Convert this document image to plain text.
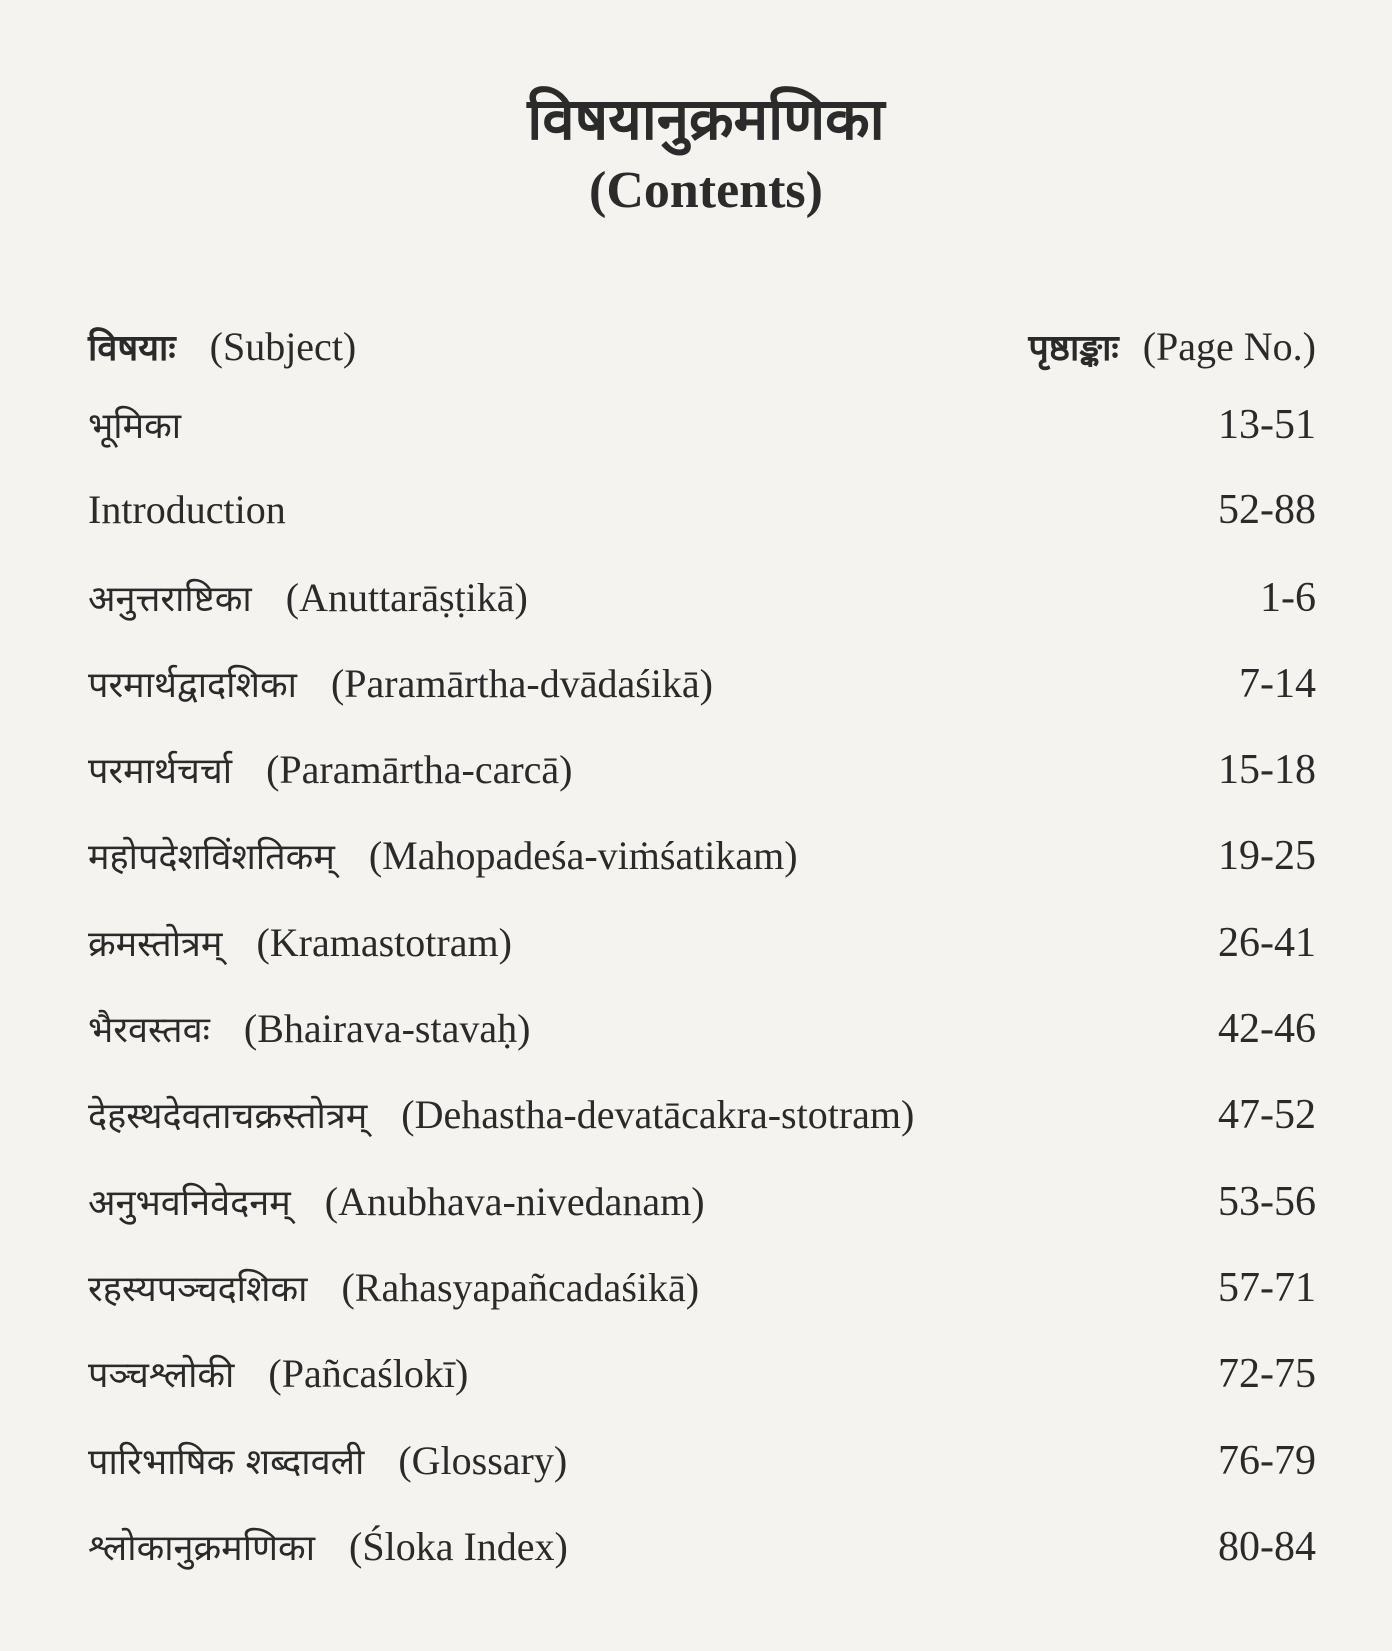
विषयानुक्रमणिका
(Contents)
विषयाः (Subject)	पृष्ठाङ्काः (Page No.)
भूमिका	13-51
Introduction	52-88
अनुत्तराष्टिका (Anuttarāṣṭikā)	1-6
परमार्थद्वादशिका (Paramārtha-dvādaśikā)	7-14
परमार्थचर्चा (Paramārtha-carcā)	15-18
महोपदेशविंशतिकम् (Mahopadeśa-viṁśatikam)	19-25
क्रमस्तोत्रम् (Kramastotram)	26-41
भैरवस्तवः (Bhairava-stavaḥ)	42-46
देहस्थदेवताचक्रस्तोत्रम् (Dehastha-devatācakra-stotram)	47-52
अनुभवनिवेदनम् (Anubhava-nivedanam)	53-56
रहस्यपञ्चदशिका (Rahasyapañcadaśikā)	57-71
पञ्चश्लोकी (Pañcaślokī)	72-75
पारिभाषिक शब्दावली (Glossary)	76-79
श्लोकानुक्रमणिका (Śloka Index)	80-84
